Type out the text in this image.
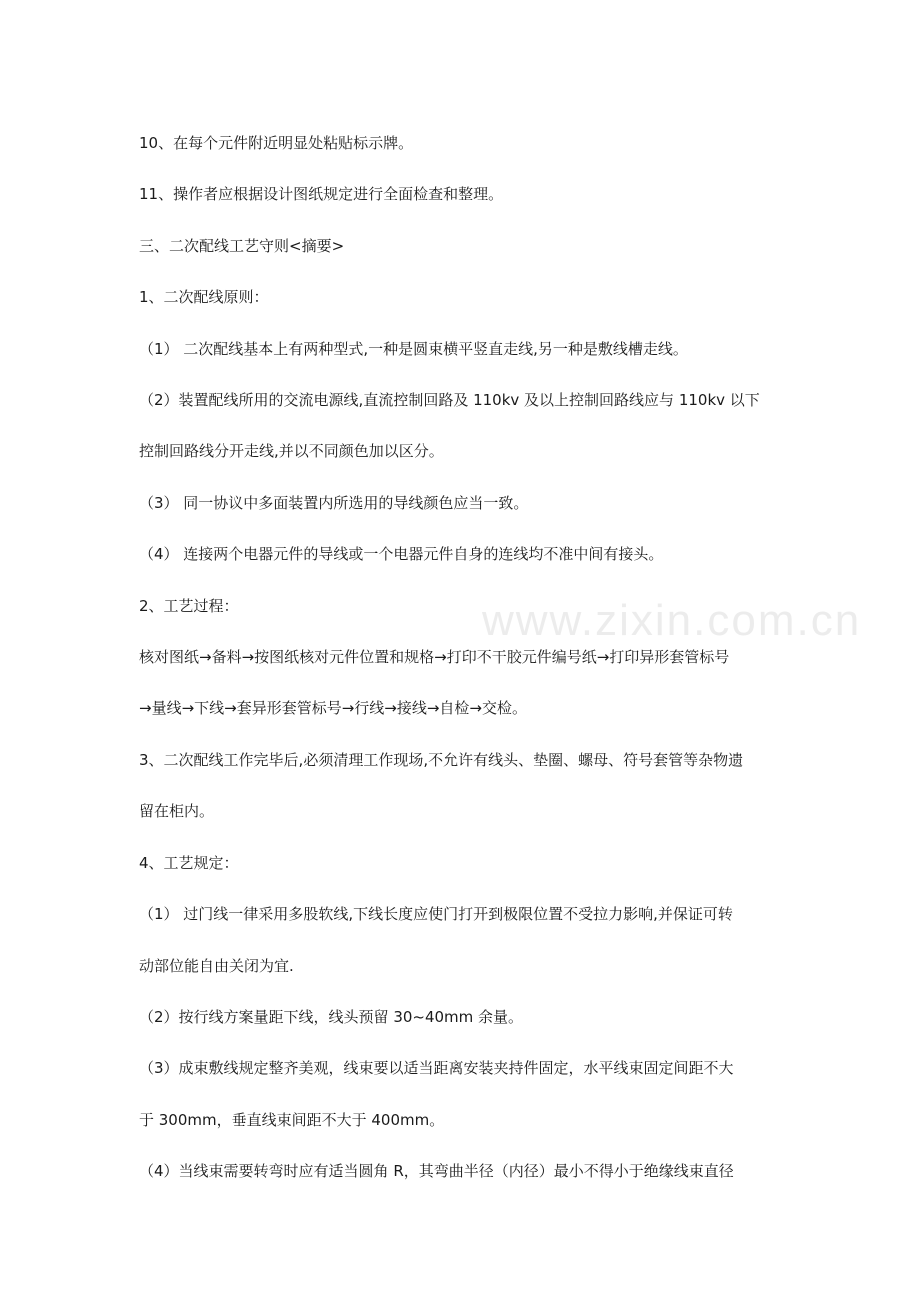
www.zixin.com.cn

10、在每个元件附近明显处粘贴标示牌。

11、操作者应根据设计图纸规定进行全面检查和整理。

三、二次配线工艺守则<摘要>

1、二次配线原则：

（1） 二次配线基本上有两种型式,一种是圆束横平竖直走线,另一种是敷线槽走线。

（2）装置配线所用的交流电源线,直流控制回路及 110kv 及以上控制回路线应与 110kv 以下

控制回路线分开走线,并以不同颜色加以区分。

（3） 同一协议中多面装置内所选用的导线颜色应当一致。

（4） 连接两个电器元件的导线或一个电器元件自身的连线均不准中间有接头。

2、工艺过程：

核对图纸→备料→按图纸核对元件位置和规格→打印不干胶元件编号纸→打印异形套管标号

→量线→下线→套异形套管标号→行线→接线→自检→交检。

3、二次配线工作完毕后,必须清理工作现场,不允许有线头、垫圈、螺母、符号套管等杂物遗

留在柜内。

4、工艺规定：

（1） 过门线一律采用多股软线,下线长度应使门打开到极限位置不受拉力影响,并保证可转

动部位能自由关闭为宜.

（2）按行线方案量距下线，线头预留 30~40mm 余量。

（3）成束敷线规定整齐美观，线束要以适当距离安装夹持件固定，水平线束固定间距不大

于 300mm，垂直线束间距不大于 400mm。

（4）当线束需要转弯时应有适当圆角 R，其弯曲半径（内径）最小不得小于绝缘线束直径
